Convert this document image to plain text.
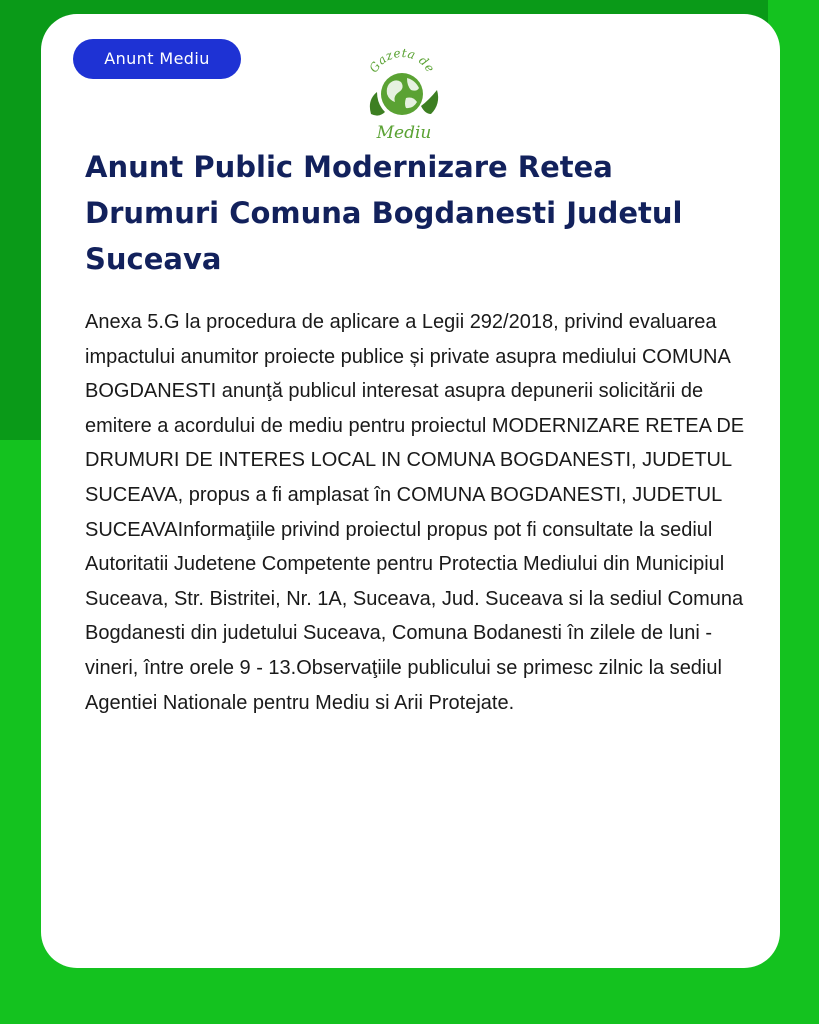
Anunt Mediu	Gazeta de
Mediu
Anunt Public Modernizare Retea Drumuri Comuna Bogdanesti Judetul Suceava

Anexa 5.G la procedura de aplicare a Legii 292/2018, privind evaluarea impactului anumitor proiecte publice și private asupra mediului COMUNA BOGDANESTI anunţă publicul interesat asupra depunerii solicitării de emitere a acordului de mediu pentru proiectul MODERNIZARE RETEA DE DRUMURI DE INTERES LOCAL IN COMUNA BOGDANESTI, JUDETUL SUCEAVA, propus a fi amplasat în COMUNA BOGDANESTI, JUDETUL SUCEAVAInformaţiile privind proiectul propus pot fi consultate la sediul Autoritatii Judetene Competente pentru Protectia Mediului din Municipiul Suceava, Str. Bistritei, Nr. 1A, Suceava, Jud. Suceava si la sediul Comuna Bogdanesti din judetului Suceava, Comuna Bodanesti în zilele de luni - vineri, între orele 9 - 13.Observaţiile publicului se primesc zilnic la sediul Agentiei Nationale pentru Mediu si Arii Protejate.
